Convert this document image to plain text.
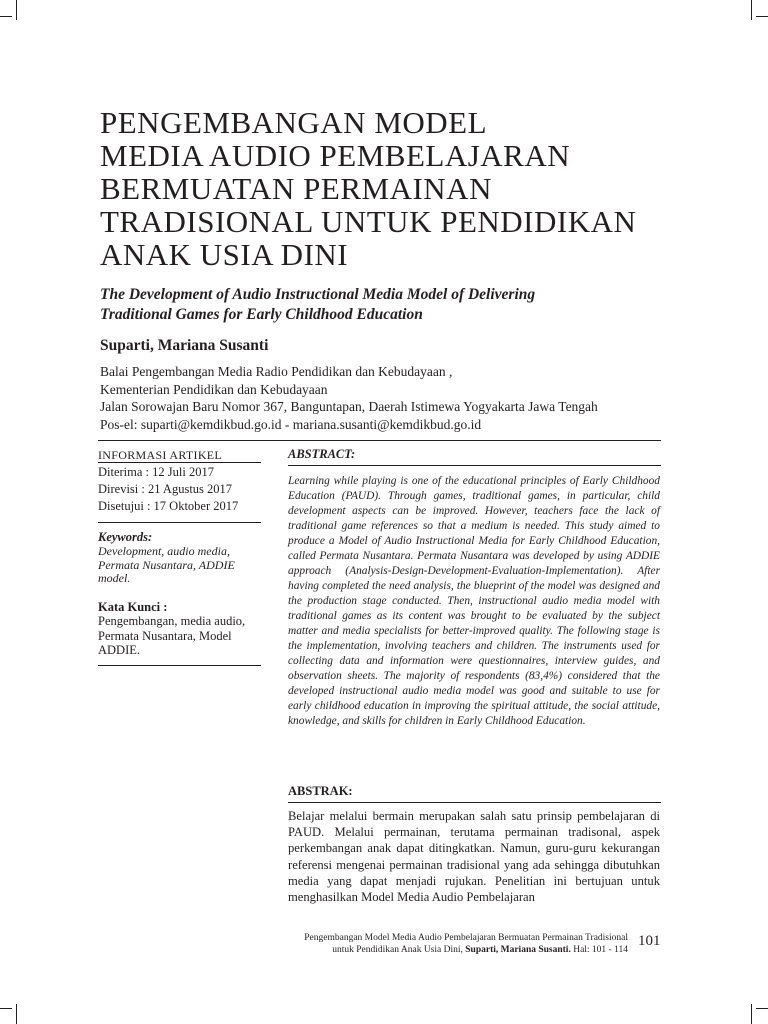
PENGEMBANGAN MODEL
MEDIA AUDIO PEMBELAJARAN
BERMUATAN PERMAINAN
TRADISIONAL UNTUK PENDIDIKAN
ANAK USIA DINI
The Development of Audio Instructional Media Model of Delivering
Traditional Games for Early Childhood Education
Suparti, Mariana Susanti
Balai Pengembangan Media Radio Pendidikan dan Kebudayaan ,
Kementerian Pendidikan dan Kebudayaan
Jalan Sorowajan Baru Nomor 367, Banguntapan, Daerah Istimewa Yogyakarta Jawa Tengah
Pos-el: suparti@kemdikbud.go.id - mariana.susanti@kemdikbud.go.id
INFORMASI ARTIKEL
Diterima : 12 Juli 2017
Direvisi : 21 Agustus 2017
Disetujui : 17 Oktober 2017
Keywords:
Development, audio media, Permata Nusantara, ADDIE model.
Kata Kunci :
Pengembangan, media audio, Permata Nusantara, Model ADDIE.
ABSTRACT:
Learning while playing is one of the educational principles of Early Childhood Education (PAUD). Through games, traditional games, in particular, child development aspects can be improved. However, teachers face the lack of traditional game references so that a medium is needed. This study aimed to produce a Model of Audio Instructional Media for Early Childhood Education, called Permata Nusantara. Permata Nusantara was developed by using ADDIE approach (Analysis-Design-Development-Evaluation-Implementation). After having completed the need analysis, the blueprint of the model was designed and the production stage conducted. Then, instructional audio media model with traditional games as its content was brought to be evaluated by the subject matter and media specialists for better-improved quality. The following stage is the implementation, involving teachers and children. The instruments used for collecting data and information were questionnaires, interview guides, and observation sheets. The majority of respondents (83,4%) considered that the developed instructional audio media model was good and suitable to use for early childhood education in improving the spiritual attitude, the social attitude, knowledge, and skills for children in Early Childhood Education.
ABSTRAK:
Belajar melalui bermain merupakan salah satu prinsip pembelajaran di PAUD. Melalui permainan, terutama permainan tradisonal, aspek perkembangan anak dapat ditingkatkan. Namun, guru-guru kekurangan referensi mengenai permainan tradisional yang ada sehingga dibutuhkan media yang dapat menjadi rujukan. Penelitian ini bertujuan untuk menghasilkan Model Media Audio Pembelajaran
Pengembangan Model Media Audio Pembelajaran Bermuatan Permainan Tradisional
untuk Pendidikan Anak Usia Dini, Suparti, Mariana Susanti. Hal: 101 - 114
101
